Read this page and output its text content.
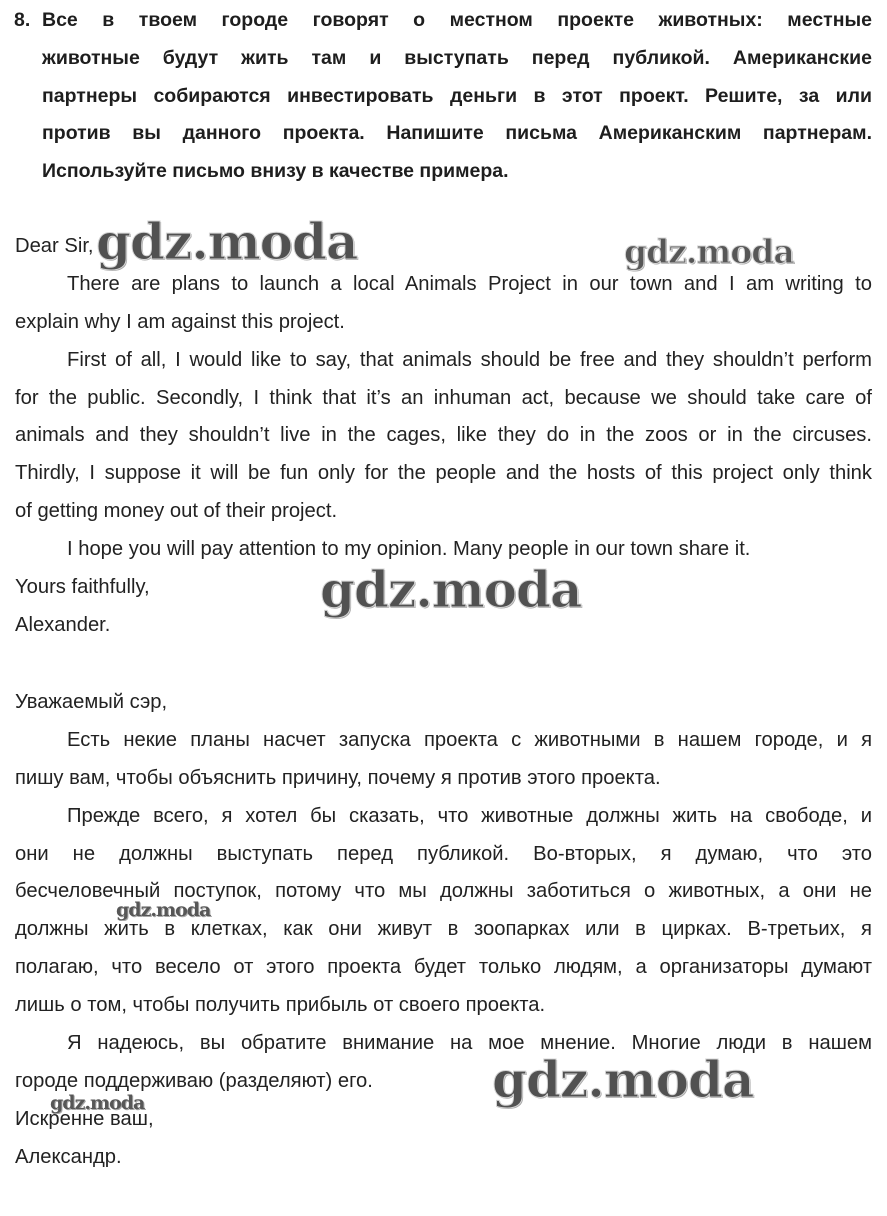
8. Все в твоем городе говорят о местном проекте животных: местные
животные будут жить там и выступать перед публикой. Американские
партнеры собираются инвестировать деньги в этот проект. Решите, за или
против вы данного проекта. Напишите письма Американским партнерам.
Используйте письмо внизу в качестве примера.
Dear Sir,
There are plans to launch a local Animals Project in our town and I am writing to
explain why I am against this project.
First of all, I would like to say, that animals should be free and they shouldn’t perform
for the public. Secondly, I think that it’s an inhuman act, because we should take care of
animals and they shouldn’t live in the cages, like they do in the zoos or in the circuses.
Thirdly, I suppose it will be fun only for the people and the hosts of this project only think
of getting money out of their project.
I hope you will pay attention to my opinion. Many people in our town share it.
Yours faithfully,
Alexander.
Уважаемый сэр,
Есть некие планы насчет запуска проекта с животными в нашем городе, и я
пишу вам, чтобы объяснить причину, почему я против этого проекта.
Прежде всего, я хотел бы сказать, что животные должны жить на свободе, и
они не должны выступать перед публикой. Во-вторых, я думаю, что это
бесчеловечный поступок, потому что мы должны заботиться о животных, а они не
должны жить в клетках, как они живут в зоопарках или в цирках. В-третьих, я
полагаю, что весело от этого проекта будет только людям, а организаторы думают
лишь о том, чтобы получить прибыль от своего проекта.
Я надеюсь, вы обратите внимание на мое мнение. Многие люди в нашем
городе поддерживаю (разделяют) его.
Искренне ваш,
Александр.
gdz.moda	gdz.moda
gdz.moda
gdz.moda
gdz.moda
gdz.moda
